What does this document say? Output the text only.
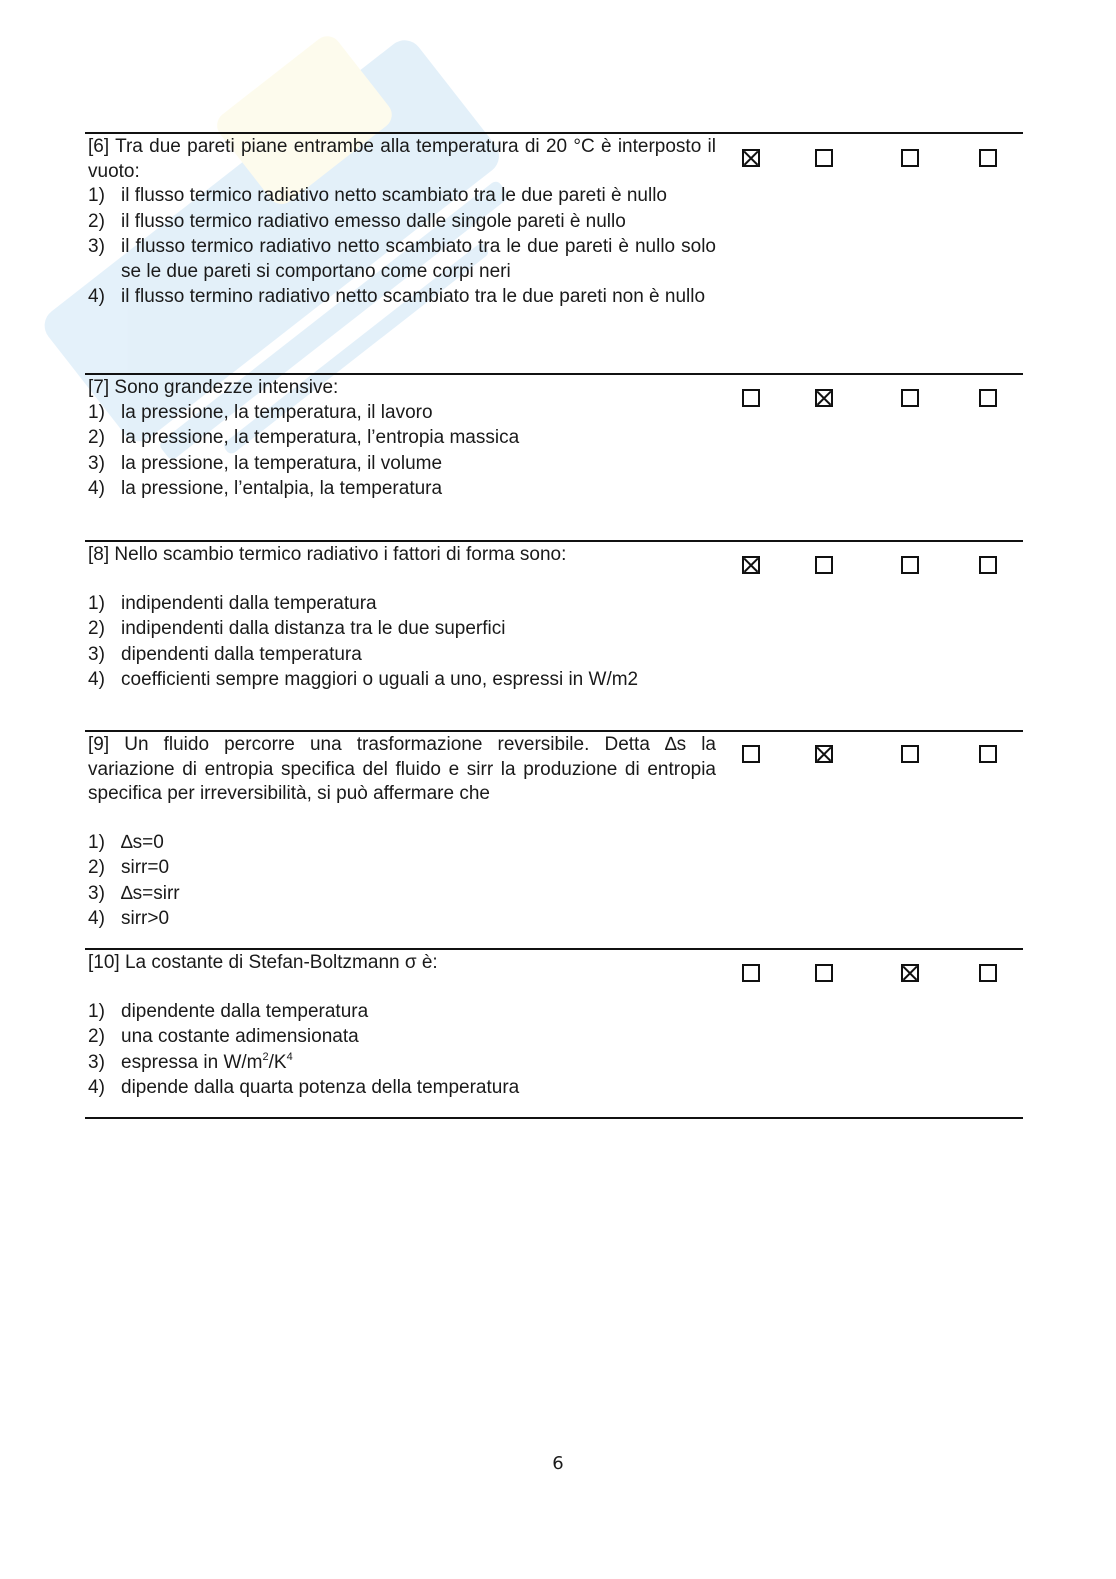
[6] Tra due pareti piane entrambe alla temperatura di 20 °C è interposto il vuoto:

1) il flusso termico radiativo netto scambiato tra le due pareti è nullo
2) il flusso termico radiativo emesso dalle singole pareti è nullo
3) il flusso termico radiativo netto scambiato tra le due pareti è nullo solo se le due pareti si comportano come corpi neri
4) il flusso termino radiativo netto scambiato tra le due pareti non è nullo

[7] Sono grandezze intensive:

1) la pressione, la temperatura, il lavoro
2) la pressione, la temperatura, l’entropia massica
3) la pressione, la temperatura, il volume
4) la pressione, l’entalpia, la temperatura

[8] Nello scambio termico radiativo i fattori di forma sono:

1) indipendenti dalla temperatura
2) indipendenti dalla distanza tra le due superfici
3) dipendenti dalla temperatura
4) coefficienti sempre maggiori o uguali a uno, espressi in W/m2

[9] Un fluido percorre una trasformazione reversibile. Detta ∆s la variazione di entropia specifica del fluido e sirr la produzione di entropia specifica per irreversibilità, si può affermare che

1) ∆s=0
2) sirr=0
3) ∆s=sirr
4) sirr>0

[10] La costante di Stefan-Boltzmann σ è:

1) dipendente dalla temperatura
2) una costante adimensionata
3) espressa in $W/m^2/K^4$
4) dipende dalla quarta potenza della temperatura
6
